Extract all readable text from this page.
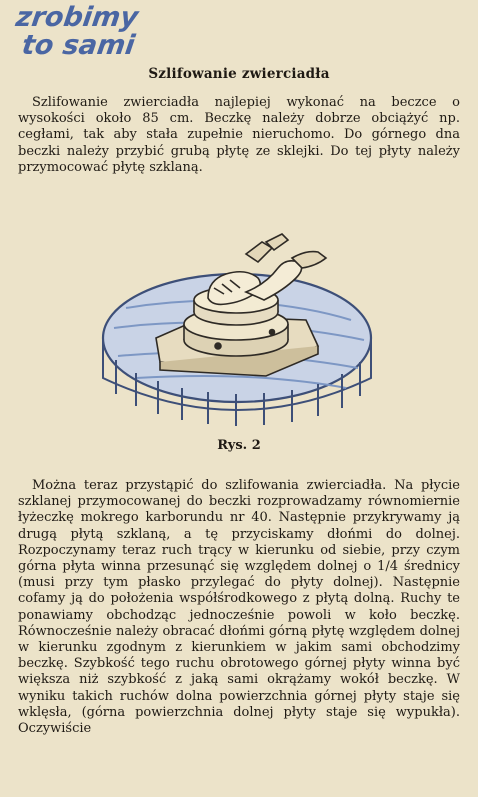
zrobimy
to sami
Szlifowanie zwierciadła

Szlifowanie zwierciadła najlepiej wykonać na beczce o wysokości około 85 cm. Beczkę należy dobrze obciążyć np. cegłami, tak aby stała zupełnie nieruchomo. Do górnego dna beczki należy przybić grubą płytę ze sklejki. Do tej płyty należy przymocować płytę szklaną.

Rys. 2

Można teraz przystąpić do szlifowania zwierciadła. Na płycie szklanej przymocowanej do beczki rozprowadzamy równomiernie łyżeczkę mokrego karborundu nr 40. Następnie przykrywamy ją drugą płytą szklaną, a tę przyciskamy dłońmi do dolnej. Rozpoczynamy teraz ruch trący w kierunku od siebie, przy czym górna płyta winna przesunąć się względem dolnej o 1/4 średnicy (musi przy tym płasko przylegać do płyty dolnej). Następnie cofamy ją do położenia współśrodkowego z płytą dolną. Ruchy te ponawiamy obchodząc jednocześnie powoli w koło beczkę. Równocześnie należy obracać dłońmi górną płytę względem dolnej w kierunku zgodnym z kierunkiem w jakim sami obchodzimy beczkę. Szybkość tego ruchu obrotowego górnej płyty winna być większa niż szybkość z jaką sami okrążamy wokół beczkę. W wyniku takich ruchów dolna powierzchnia górnej płyty staje się wklęsła, (górna powierzchnia dolnej płyty staje się wypukła). Oczywiście
